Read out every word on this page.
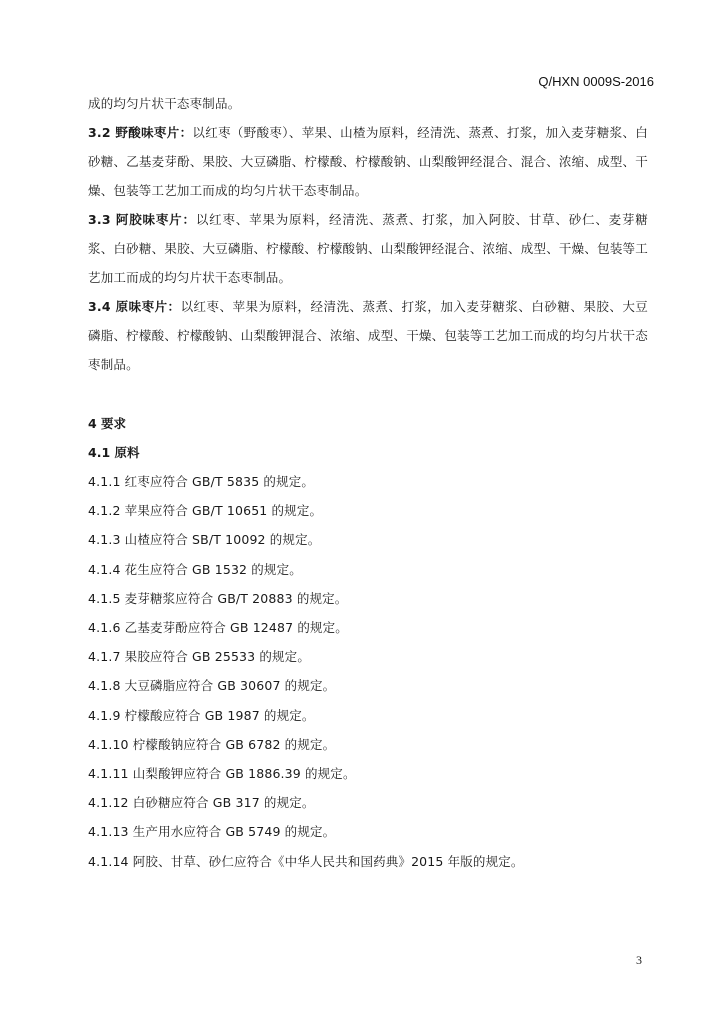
Q/HXN 0009S-2016

成的均匀片状干态枣制品。

3.2 野酸味枣片：以红枣（野酸枣）、苹果、山楂为原料，经清洗、蒸煮、打浆，加入麦芽糖浆、白砂糖、乙基麦芽酚、果胶、大豆磷脂、柠檬酸、柠檬酸钠、山梨酸钾经混合、混合、浓缩、成型、干燥、包装等工艺加工而成的均匀片状干态枣制品。

3.3 阿胶味枣片：以红枣、苹果为原料，经清洗、蒸煮、打浆，加入阿胶、甘草、砂仁、麦芽糖浆、白砂糖、果胶、大豆磷脂、柠檬酸、柠檬酸钠、山梨酸钾经混合、浓缩、成型、干燥、包装等工艺加工而成的均匀片状干态枣制品。

3.4 原味枣片：以红枣、苹果为原料，经清洗、蒸煮、打浆，加入麦芽糖浆、白砂糖、果胶、大豆磷脂、柠檬酸、柠檬酸钠、山梨酸钾混合、浓缩、成型、干燥、包装等工艺加工而成的均匀片状干态枣制品。

4 要求

4.1 原料

4.1.1 红枣应符合 GB/T 5835 的规定。

4.1.2 苹果应符合 GB/T 10651 的规定。

4.1.3 山楂应符合 SB/T 10092 的规定。

4.1.4 花生应符合 GB 1532 的规定。

4.1.5 麦芽糖浆应符合 GB/T 20883 的规定。

4.1.6 乙基麦芽酚应符合 GB 12487 的规定。

4.1.7 果胶应符合 GB 25533 的规定。

4.1.8 大豆磷脂应符合 GB 30607 的规定。

4.1.9 柠檬酸应符合 GB 1987 的规定。

4.1.10 柠檬酸钠应符合 GB 6782 的规定。

4.1.11 山梨酸钾应符合 GB 1886.39 的规定。

4.1.12 白砂糖应符合 GB 317 的规定。

4.1.13 生产用水应符合 GB 5749 的规定。

4.1.14 阿胶、甘草、砂仁应符合《中华人民共和国药典》2015 年版的规定。

3
